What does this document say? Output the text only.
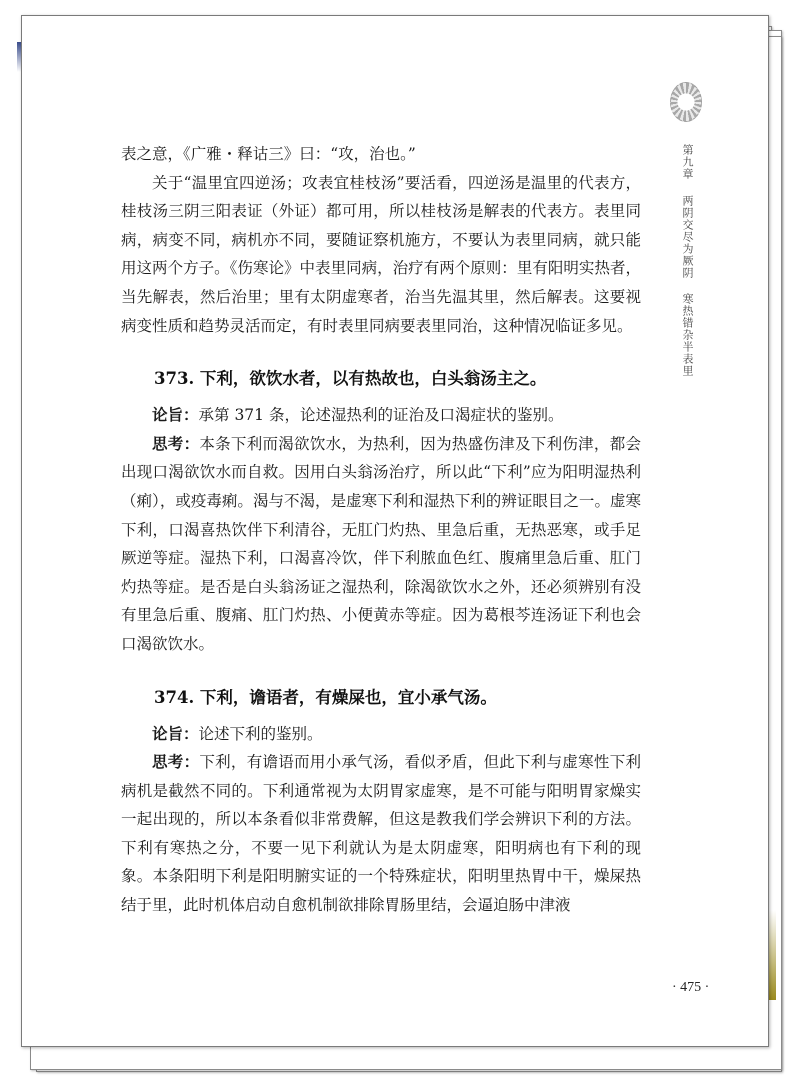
第九章 两阴交尽为厥阴 寒热错杂半表里
· 475 ·

表之意，《广雅・释诂三》曰：“攻，治也。”

关于“温里宜四逆汤；攻表宜桂枝汤”要活看，四逆汤是温里的代表方，桂枝汤三阴三阳表证（外证）都可用，所以桂枝汤是解表的代表方。表里同病，病变不同，病机亦不同，要随证察机施方，不要认为表里同病，就只能用这两个方子。《伤寒论》中表里同病，治疗有两个原则：里有阳明实热者，当先解表，然后治里；里有太阴虚寒者，治当先温其里，然后解表。这要视病变性质和趋势灵活而定，有时表里同病要表里同治，这种情况临证多见。

373. 下利，欲饮水者，以有热故也，白头翁汤主之。

论旨：承第 371 条，论述湿热利的证治及口渴症状的鉴别。

思考：本条下利而渴欲饮水，为热利，因为热盛伤津及下利伤津，都会出现口渴欲饮水而自救。因用白头翁汤治疗，所以此“下利”应为阳明湿热利（痢），或疫毒痢。渴与不渴，是虚寒下利和湿热下利的辨证眼目之一。虚寒下利，口渴喜热饮伴下利清谷，无肛门灼热、里急后重，无热恶寒，或手足厥逆等症。湿热下利，口渴喜冷饮，伴下利脓血色红、腹痛里急后重、肛门灼热等症。是否是白头翁汤证之湿热利，除渴欲饮水之外，还必须辨别有没有里急后重、腹痛、肛门灼热、小便黄赤等症。因为葛根芩连汤证下利也会口渴欲饮水。

374. 下利，谵语者，有燥屎也，宜小承气汤。

论旨：论述下利的鉴别。

思考：下利，有谵语而用小承气汤，看似矛盾，但此下利与虚寒性下利病机是截然不同的。下利通常视为太阴胃家虚寒，是不可能与阳明胃家燥实一起出现的，所以本条看似非常费解，但这是教我们学会辨识下利的方法。下利有寒热之分，不要一见下利就认为是太阴虚寒，阳明病也有下利的现象。本条阳明下利是阳明腑实证的一个特殊症状，阳明里热胃中干，燥屎热结于里，此时机体启动自愈机制欲排除胃肠里结，会逼迫肠中津液
